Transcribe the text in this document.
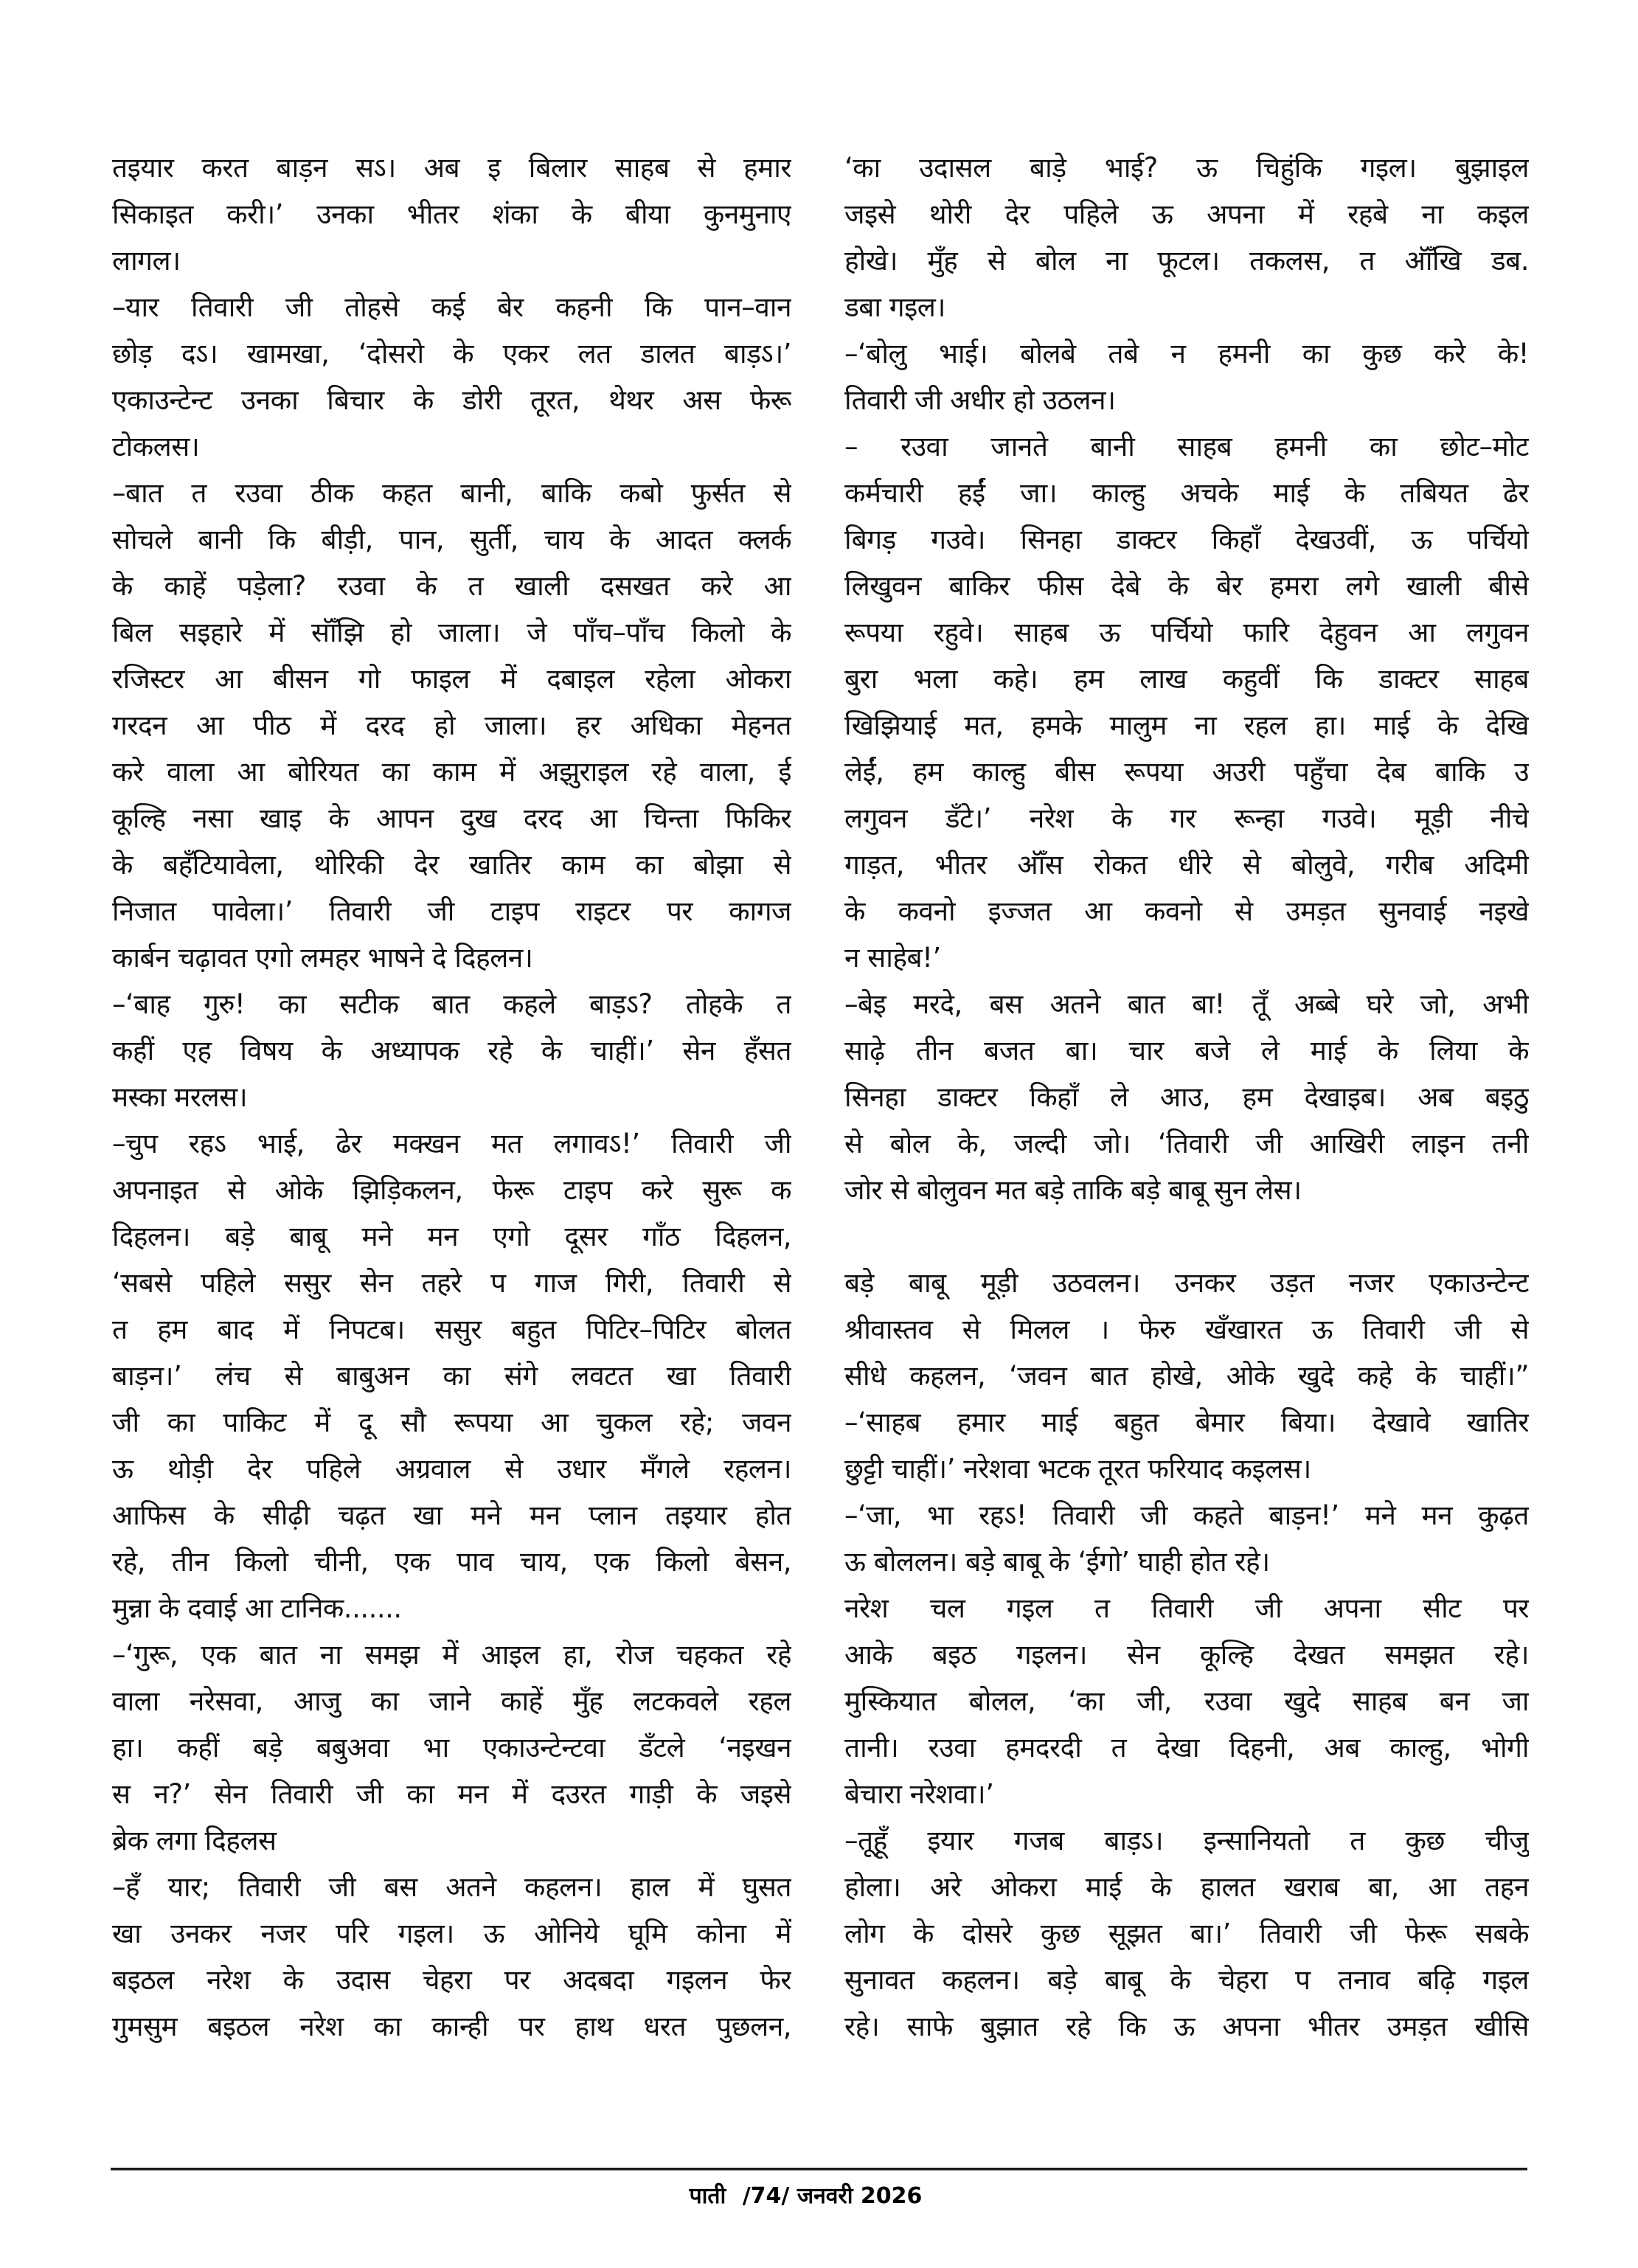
तइयार करत बाड़न सऽ। अब इ बिलार साहब से हमार
सिकाइत करी।’ उनका भीतर शंका के बीया कुनमुनाए
लागल।
–यार तिवारी जी तोहसे कई बेर कहनी कि पान–वान
छोड़ दऽ। खामखा, ‘दोसरो के एकर लत डालत बाड़ऽ।’
एकाउन्टेन्ट उनका बिचार के डोरी तूरत, थेथर अस फेरू
टोकलस।
–बात त रउवा ठीक कहत बानी, बाकि कबो फुर्सत से
सोचले बानी कि बीड़ी, पान, सुर्ती, चाय के आदत क्लर्क
के काहें पड़ेला? रउवा के त खाली दसखत करे आ
बिल सइहारे में सॉँझि हो जाला। जे पाँच–पाँच किलो के
रजिस्टर आ बीसन गो फाइल में दबाइल रहेला ओकरा
गरदन आ पीठ में दरद हो जाला। हर अधिका मेहनत
करे वाला आ बोरियत का काम में अझुराइल रहे वाला, ई
कूल्हि नसा खाइ के आपन दुख दरद आ चिन्ता फिकिर
के बहँटियावेला, थोरिकी देर खातिर काम का बोझा से
निजात पावेला।’ तिवारी जी टाइप राइटर पर कागज
कार्बन चढ़ावत एगो लमहर भाषने दे दिहलन।
–‘बाह गुरु! का सटीक बात कहले बाड़ऽ? तोहके त
कहीं एह विषय के अध्यापक रहे के चाहीं।’ सेन हँसत
मस्का मरलस।
–चुप रहऽ भाई, ढेर मक्खन मत लगावऽ!’ तिवारी जी
अपनाइत से ओके झिड़िकलन, फेरू टाइप करे सुरू क
दिहलन। बड़े बाबू मने मन एगो दूसर गाँठ दिहलन,
‘सबसे पहिले ससुर सेन तहरे प गाज गिरी, तिवारी से
त हम बाद में निपटब। ससुर बहुत पिटिर–पिटिर बोलत
बाड़न।’ लंच से बाबुअन का संगे लवटत खा तिवारी
जी का पाकिट में दू सौ रूपया आ चुकल रहे; जवन
ऊ थोड़ी देर पहिले अग्रवाल से उधार मँगले रहलन।
आफिस के सीढ़ी चढ़त खा मने मन प्लान तइयार होत
रहे, तीन किलो चीनी, एक पाव चाय, एक किलो बेसन,
मुन्ना के दवाई आ टानिक.......
–‘गुरू, एक बात ना समझ में आइल हा, रोज चहकत रहे
वाला नरेसवा, आजु का जाने काहें मुँह लटकवले रहल
हा। कहीं बड़े बबुअवा भा एकाउन्टेन्टवा डँटले ‘नइखन
स न?’ सेन तिवारी जी का मन में दउरत गाड़ी के जइसे
ब्रेक लगा दिहलस
–हँ यार; तिवारी जी बस अतने कहलन। हाल में घुसत
खा उनकर नजर परि गइल। ऊ ओनिये घूमि कोना में
बइठल नरेश के उदास चेहरा पर अदबदा गइलन फेर
गुमसुम बइठल नरेश का कान्ही पर हाथ धरत पुछलन,
‘का उदासल बाड़े भाई? ऊ चिहुंकि गइल। बुझाइल
जइसे थोरी देर पहिले ऊ अपना में रहबे ना कइल
होखे। मुँह से बोल ना फूटल। तकलस, त ऑँखि डब.
डबा गइल।
–‘बोलु भाई। बोलबे तबे न हमनी का कुछ करे के!
तिवारी जी अधीर हो उठलन।
– रउवा जानते बानी साहब हमनी का छोट–मोट
कर्मचारी हईं जा। काल्हु अचके माई के तबियत ढेर
बिगड़ गउवे। सिनहा डाक्टर किहाँ देखउवीं, ऊ पर्चियो
लिखुवन बाकिर फीस देबे के बेर हमरा लगे खाली बीसे
रूपया रहुवे। साहब ऊ पर्चियो फारि देहुवन आ लगुवन
बुरा भला कहे। हम लाख कहुवीं कि डाक्टर साहब
खिझियाई मत, हमके मालुम ना रहल हा। माई के देखि
लेईं, हम काल्हु बीस रूपया अउरी पहुँचा देब बाकि उ
लगुवन डँटे।’ नरेश के गर रून्हा गउवे। मूड़ी नीचे
गाड़त, भीतर ऑँस रोकत धीरे से बोलुवे, गरीब अदिमी
के कवनो इज्जत आ कवनो से उमड़त सुनवाई नइखे
न साहेब!’
–बेइ मरदे, बस अतने बात बा! तूँ अब्बे घरे जो, अभी
साढ़े तीन बजत बा। चार बजे ले माई के लिया के
सिनहा डाक्टर किहाँ ले आउ, हम देखाइब। अब बइठु
से बोल के, जल्दी जो। ‘तिवारी जी आखिरी लाइन तनी
जोर से बोलुवन मत बड़े ताकि बड़े बाबू सुन लेस।
बड़े बाबू मूड़ी उठवलन। उनकर उड़त नजर एकाउन्टेन्ट
श्रीवास्तव से मिलल । फेरु खँखारत ऊ तिवारी जी से
सीधे कहलन, ‘जवन बात होखे, ओके खुदे कहे के चाहीं।”
–‘साहब हमार माई बहुत बेमार बिया। देखावे खातिर
छुट्टी चाहीं।’ नरेशवा भटक तूरत फरियाद कइलस।
–‘जा, भा रहऽ! तिवारी जी कहते बाड़न!’ मने मन कुढ़त
ऊ बोललन। बड़े बाबू के ‘ईगो’ घाही होत रहे।
नरेश चल गइल त तिवारी जी अपना सीट पर
आके बइठ गइलन। सेन कूल्हि देखत समझत रहे।
मुस्कियात बोलल, ‘का जी, रउवा खुदे साहब बन जा
तानी। रउवा हमदरदी त देखा दिहनी, अब काल्हु, भोगी
बेचारा नरेशवा।’
–तूहूँ इयार गजब बाड़ऽ। इन्सानियतो त कुछ चीजु
होला। अरे ओकरा माई के हालत खराब बा, आ तहन
लोग के दोसरे कुछ सूझत बा।’ तिवारी जी फेरू सबके
सुनावत कहलन। बड़े बाबू के चेहरा प तनाव बढ़ि गइल
रहे। साफे बुझात रहे कि ऊ अपना भीतर उमड़त खीसि
पाती /74/ जनवरी 2026
